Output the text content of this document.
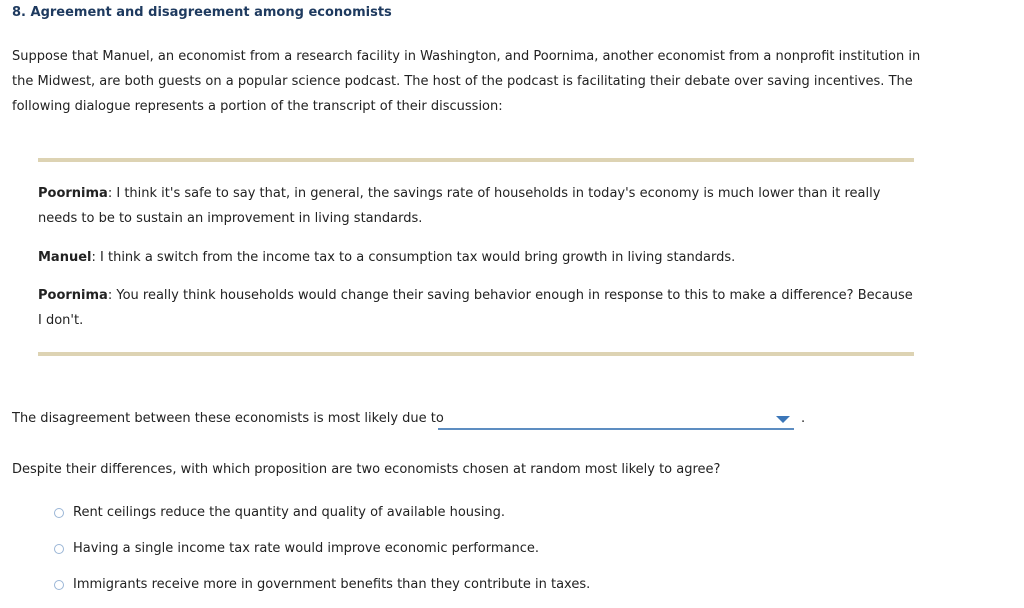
8. Agreement and disagreement among economists
Suppose that Manuel, an economist from a research facility in Washington, and Poornima, another economist from a nonprofit institution in the Midwest, are both guests on a popular science podcast. The host of the podcast is facilitating their debate over saving incentives. The following dialogue represents a portion of the transcript of their discussion:
Poornima: I think it's safe to say that, in general, the savings rate of households in today's economy is much lower than it really needs to be to sustain an improvement in living standards.
Manuel: I think a switch from the income tax to a consumption tax would bring growth in living standards.
Poornima: You really think households would change their saving behavior enough in response to this to make a difference? Because I don't.
The disagreement between these economists is most likely due to	.
Despite their differences, with which proposition are two economists chosen at random most likely to agree?
Rent ceilings reduce the quantity and quality of available housing.
Having a single income tax rate would improve economic performance.
Immigrants receive more in government benefits than they contribute in taxes.
